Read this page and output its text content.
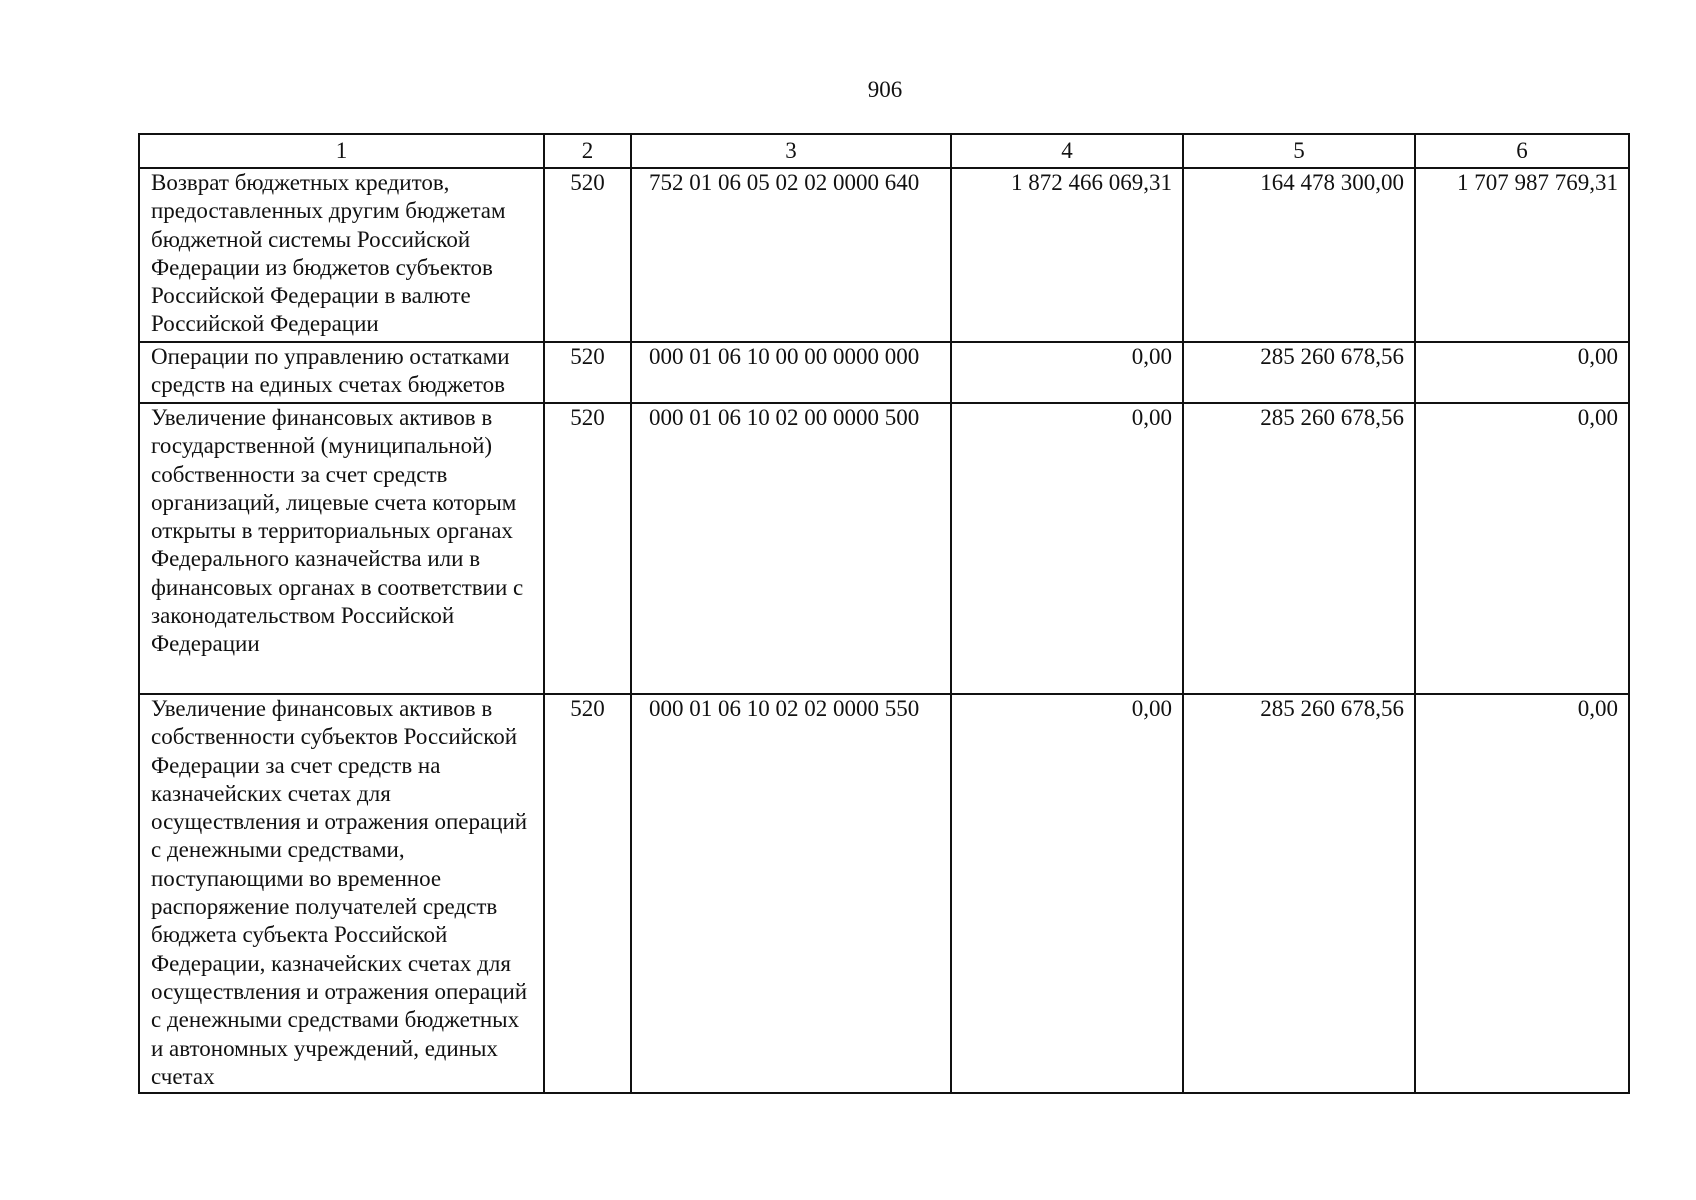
906
1	2	3	4	5	6
Возврат бюджетных кредитов, предоставленных другим бюджетам бюджетной системы Российской Федерации из бюджетов субъектов Российской Федерации в валюте Российской Федерации	520	752 01 06 05 02 02 0000 640	1 872 466 069,31	164 478 300,00	1 707 987 769,31
Операции по управлению остатками средств на единых счетах бюджетов	520	000 01 06 10 00 00 0000 000	0,00	285 260 678,56	0,00
Увеличение финансовых активов в государственной (муниципальной) собственности за счет средств организаций, лицевые счета которым открыты в территориальных органах Федерального казначейства или в финансовых органах в соответствии с законодательством Российской Федерации	520	000 01 06 10 02 00 0000 500	0,00	285 260 678,56	0,00
Увеличение финансовых активов в собственности субъектов Российской Федерации за счет средств на казначейских счетах для осуществления и отражения операций с денежными средствами, поступающими во временное распоряжение получателей средств бюджета субъекта Российской Федерации, казначейских счетах для осуществления и отражения операций с денежными средствами бюджетных и автономных учреждений, единых счетах	520	000 01 06 10 02 02 0000 550	0,00	285 260 678,56	0,00
